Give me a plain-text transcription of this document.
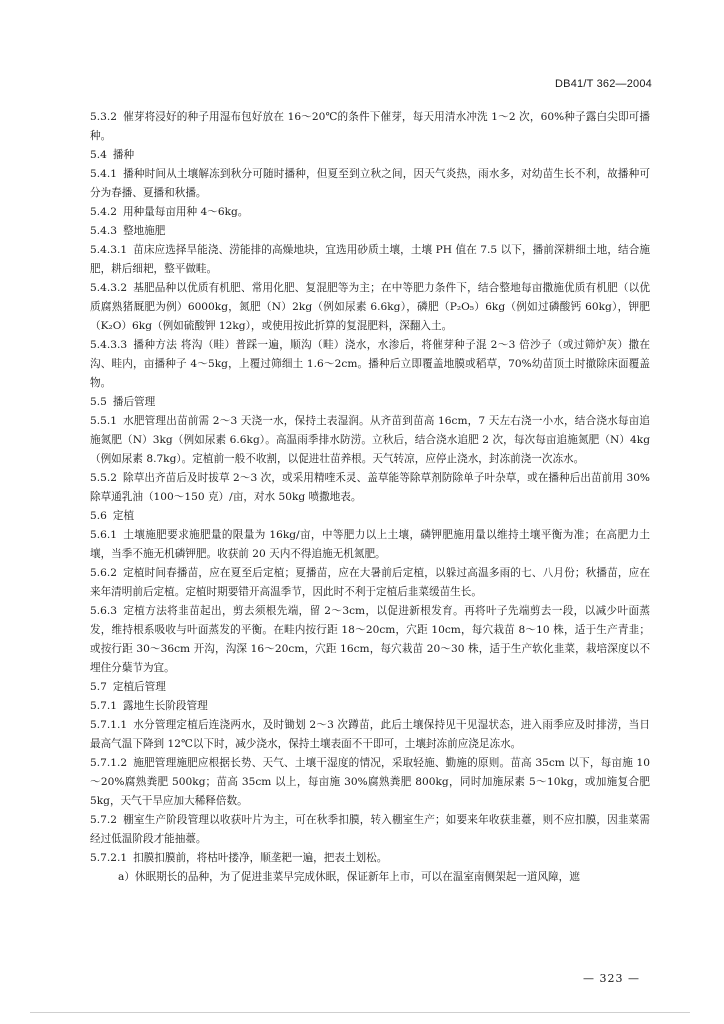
DB41/T 362—2004

5.3.2 催芽将浸好的种子用湿布包好放在 16～20℃的条件下催芽，每天用清水冲洗 1～2 次，60%种子露白尖即可播种。

5.4 播种

5.4.1 播种时间从土壤解冻到秋分可随时播种，但夏至到立秋之间，因天气炎热，雨水多，对幼苗生长不利，故播种可分为春播、夏播和秋播。

5.4.2 用种量每亩用种 4～6kg。

5.4.3 整地施肥

5.4.3.1 苗床应选择旱能浇、涝能排的高燥地块，宜选用砂质土壤，土壤 PH 值在 7.5 以下，播前深耕细土地，结合施肥，耕后细耙，整平做畦。

5.4.3.2 基肥品种以优质有机肥、常用化肥、复混肥等为主；在中等肥力条件下，结合整地每亩撒施优质有机肥（以优质腐熟猪厩肥为例）6000kg，氮肥（N）2kg（例如尿素 6.6kg），磷肥（P₂O₅）6kg（例如过磷酸钙 60kg），钾肥（K₂O）6kg（例如硫酸钾 12kg），或使用按此折算的复混肥料，深翻入土。

5.4.3.3 播种方法 将沟（畦）普踩一遍，顺沟（畦）浇水，水渗后，将催芽种子混 2～3 倍沙子（或过筛炉灰）撒在沟、畦内，亩播种子 4～5kg，上覆过筛细土 1.6～2cm。播种后立即覆盖地膜或稻草，70%幼苗顶土时撤除床面覆盖物。

5.5 播后管理

5.5.1 水肥管理出苗前需 2～3 天浇一水，保持土表湿润。从齐苗到苗高 16cm，7 天左右浇一小水，结合浇水每亩追施氮肥（N）3kg（例如尿素 6.6kg）。高温雨季排水防涝。立秋后，结合浇水追肥 2 次，每次每亩追施氮肥（N）4kg（例如尿素 8.7kg）。定植前一般不收割，以促进壮苗养根。天气转凉，应停止浇水，封冻前浇一次冻水。

5.5.2 除草出齐苗后及时拔草 2～3 次，或采用精喹禾灵、盖草能等除草剂防除单子叶杂草，或在播种后出苗前用 30%除草通乳油（100～150 克）/亩，对水 50kg 喷撒地表。

5.6 定植

5.6.1 土壤施肥要求施肥量的限量为 16kg/亩，中等肥力以上土壤，磷钾肥施用量以维持土壤平衡为准；在高肥力土壤，当季不施无机磷钾肥。收获前 20 天内不得追施无机氮肥。

5.6.2 定植时间春播苗，应在夏至后定植；夏播苗，应在大暑前后定植，以躲过高温多雨的七、八月份；秋播苗，应在来年清明前后定植。定植时期要错开高温季节，因此时不利于定植后韭菜缓苗生长。

5.6.3 定植方法将韭苗起出，剪去须根先端，留 2～3cm，以促进新根发育。再将叶子先端剪去一段，以减少叶面蒸发，维持根系吸收与叶面蒸发的平衡。在畦内按行距 18～20cm，穴距 10cm，每穴栽苗 8～10 株，适于生产青韭；或按行距 30～36cm 开沟，沟深 16～20cm，穴距 16cm，每穴栽苗 20～30 株，适于生产软化韭菜，栽培深度以不埋住分蘖节为宜。

5.7 定植后管理

5.7.1 露地生长阶段管理

5.7.1.1 水分管理定植后连浇两水，及时锄划 2～3 次蹲苗，此后土壤保持见干见湿状态，进入雨季应及时排涝，当日最高气温下降到 12℃以下时，减少浇水，保持土壤表面不干即可，土壤封冻前应浇足冻水。

5.7.1.2 施肥管理施肥应根据长势、天气、土壤干湿度的情况，采取轻施、勤施的原则。苗高 35cm 以下，每亩施 10～20%腐熟粪肥 500kg；苗高 35cm 以上，每亩施 30%腐熟粪肥 800kg，同时加施尿素 5～10kg，或加施复合肥 5kg，天气干旱应加大稀释倍数。

5.7.2 棚室生产阶段管理以收获叶片为主，可在秋季扣膜，转入棚室生产；如要来年收获韭薹，则不应扣膜，因韭菜需经过低温阶段才能抽薹。

5.7.2.1 扣膜扣膜前，将枯叶搂净，顺垄耙一遍，把表土划松。

a）休眠期长的品种，为了促进韭菜早完成休眠，保证新年上市，可以在温室南侧架起一道风障，遮

— 323 —
